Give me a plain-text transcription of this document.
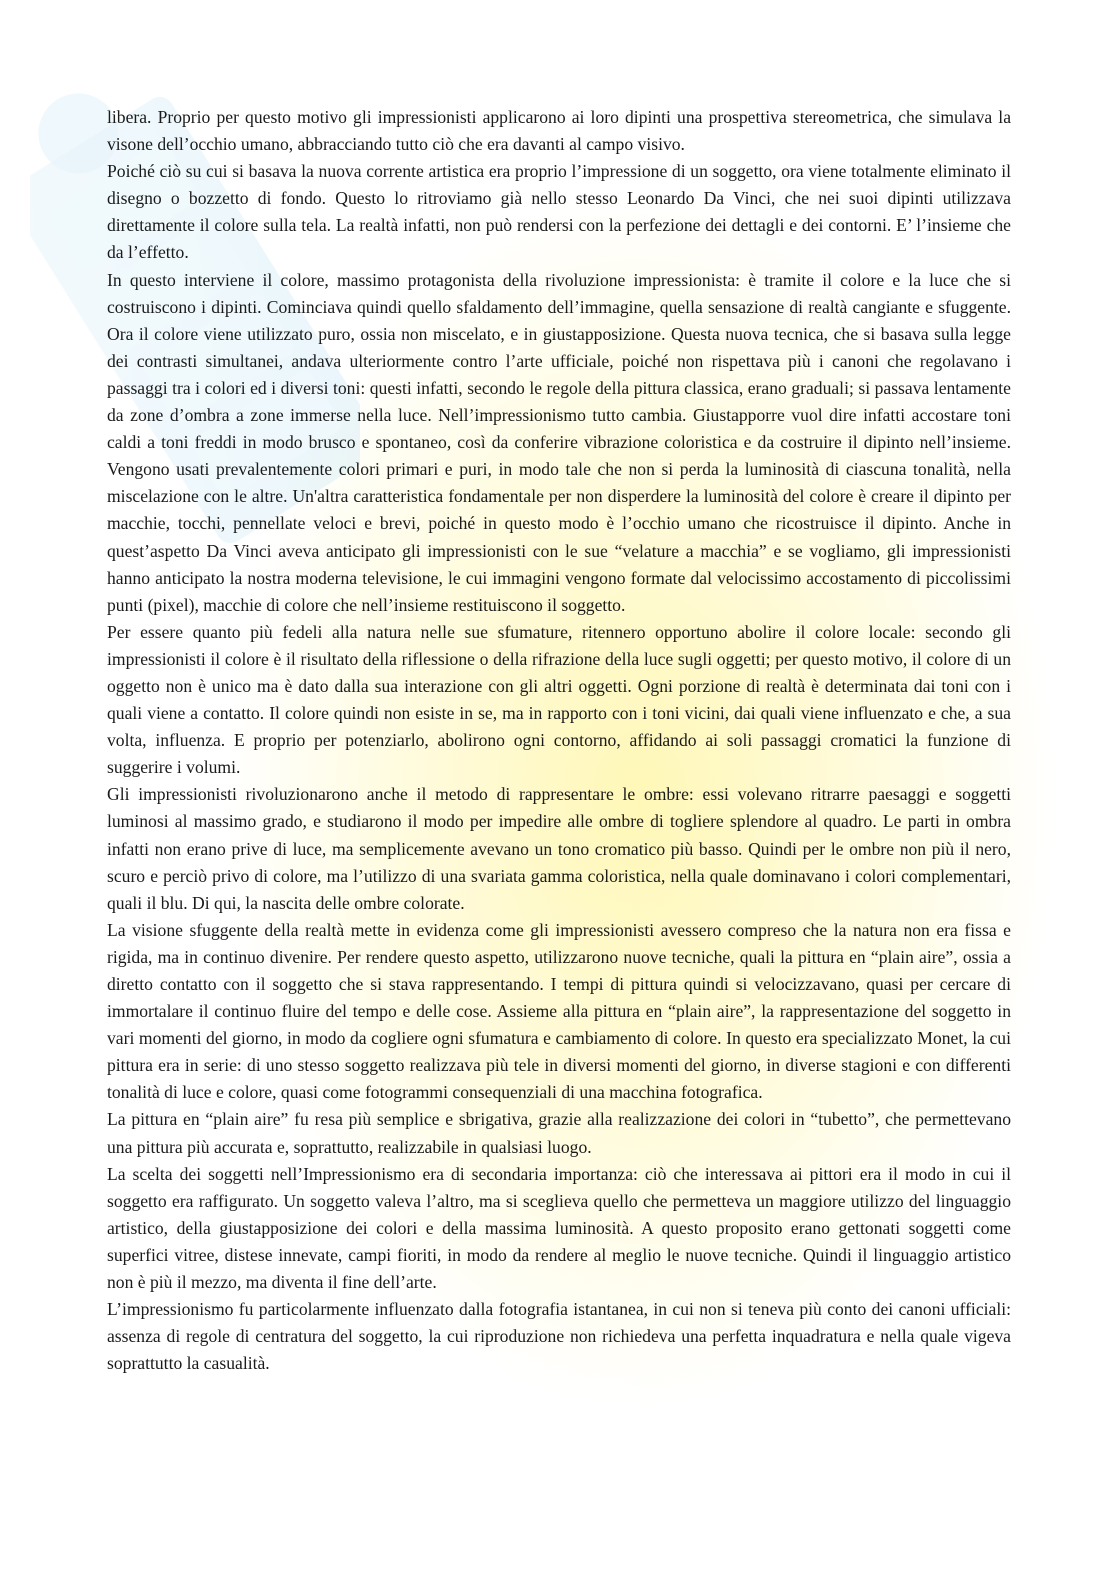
libera. Proprio per questo motivo gli impressionisti applicarono ai loro dipinti una prospettiva stereometrica, che simulava la visone dell’occhio umano, abbracciando tutto ciò che era davanti al campo visivo.

Poiché ciò su cui si basava la nuova corrente artistica era proprio l’impressione di un soggetto, ora viene totalmente eliminato il disegno o bozzetto di fondo. Questo lo ritroviamo già nello stesso Leonardo Da Vinci, che nei suoi dipinti utilizzava direttamente il colore sulla tela. La realtà infatti, non può rendersi con la perfezione dei dettagli e dei contorni. E’ l’insieme che da l’effetto.

In questo interviene il colore, massimo protagonista della rivoluzione impressionista: è tramite il colore e la luce che si costruiscono i dipinti. Cominciava quindi quello sfaldamento dell’immagine, quella sensazione di realtà cangiante e sfuggente. Ora il colore viene utilizzato puro, ossia non miscelato, e in giustapposizione. Questa nuova tecnica, che si basava sulla legge dei contrasti simultanei, andava ulteriormente contro l’arte ufficiale, poiché non rispettava più i canoni che regolavano i passaggi tra i colori ed i diversi toni: questi infatti, secondo le regole della pittura classica, erano graduali; si passava lentamente da zone d’ombra a zone immerse nella luce. Nell’impressionismo tutto cambia. Giustapporre vuol dire infatti accostare toni caldi a toni freddi in modo brusco e spontaneo, così da conferire vibrazione coloristica e da costruire il dipinto nell’insieme. Vengono usati prevalentemente colori primari e puri, in modo tale che non si perda la luminosità di ciascuna tonalità, nella miscelazione con le altre. Un'altra caratteristica fondamentale per non disperdere la luminosità del colore è creare il dipinto per macchie, tocchi, pennellate veloci e brevi, poiché in questo modo è l’occhio umano che ricostruisce il dipinto. Anche in quest’aspetto Da Vinci aveva anticipato gli impressionisti con le sue “velature a macchia” e se vogliamo, gli impressionisti hanno anticipato la nostra moderna televisione, le cui immagini vengono formate dal velocissimo accostamento di piccolissimi punti (pixel), macchie di colore che nell’insieme restituiscono il soggetto.

Per essere quanto più fedeli alla natura nelle sue sfumature, ritennero opportuno abolire il colore locale: secondo gli impressionisti il colore è il risultato della riflessione o della rifrazione della luce sugli oggetti; per questo motivo, il colore di un oggetto non è unico ma è dato dalla sua interazione con gli altri oggetti. Ogni porzione di realtà è determinata dai toni con i quali viene a contatto. Il colore quindi non esiste in se, ma in rapporto con i toni vicini, dai quali viene influenzato e che, a sua volta, influenza. E proprio per potenziarlo, abolirono ogni contorno, affidando ai soli passaggi cromatici la funzione di suggerire i volumi.

Gli impressionisti rivoluzionarono anche il metodo di rappresentare le ombre: essi volevano ritrarre paesaggi e soggetti luminosi al massimo grado, e studiarono il modo per impedire alle ombre di togliere splendore al quadro. Le parti in ombra infatti non erano prive di luce, ma semplicemente avevano un tono cromatico più basso. Quindi per le ombre non più il nero, scuro e perciò privo di colore, ma l’utilizzo di una svariata gamma coloristica, nella quale dominavano i colori complementari, quali il blu. Di qui, la nascita delle ombre colorate.

La visione sfuggente della realtà mette in evidenza come gli impressionisti avessero compreso che la natura non era fissa e rigida, ma in continuo divenire. Per rendere questo aspetto, utilizzarono nuove tecniche, quali la pittura en “plain aire”, ossia a diretto contatto con il soggetto che si stava rappresentando. I tempi di pittura quindi si velocizzavano, quasi per cercare di immortalare il continuo fluire del tempo e delle cose. Assieme alla pittura en “plain aire”, la rappresentazione del soggetto in vari momenti del giorno, in modo da cogliere ogni sfumatura e cambiamento di colore. In questo era specializzato Monet, la cui pittura era in serie: di uno stesso soggetto realizzava più tele in diversi momenti del giorno, in diverse stagioni e con differenti tonalità di luce e colore, quasi come fotogrammi consequenziali di una macchina fotografica.

La pittura en “plain aire” fu resa più semplice e sbrigativa, grazie alla realizzazione dei colori in “tubetto”, che permettevano una pittura più accurata e, soprattutto, realizzabile in qualsiasi luogo.

La scelta dei soggetti nell’Impressionismo era di secondaria importanza: ciò che interessava ai pittori era il modo in cui il soggetto era raffigurato. Un soggetto valeva l’altro, ma si sceglieva quello che permetteva un maggiore utilizzo del linguaggio artistico, della giustapposizione dei colori e della massima luminosità. A questo proposito erano gettonati soggetti come superfici vitree, distese innevate, campi fioriti, in modo da rendere al meglio le nuove tecniche. Quindi il linguaggio artistico non è più il mezzo, ma diventa il fine dell’arte.

L’impressionismo fu particolarmente influenzato dalla fotografia istantanea, in cui non si teneva più conto dei canoni ufficiali: assenza di regole di centratura del soggetto, la cui riproduzione non richiedeva una perfetta inquadratura e nella quale vigeva soprattutto la casualità.
